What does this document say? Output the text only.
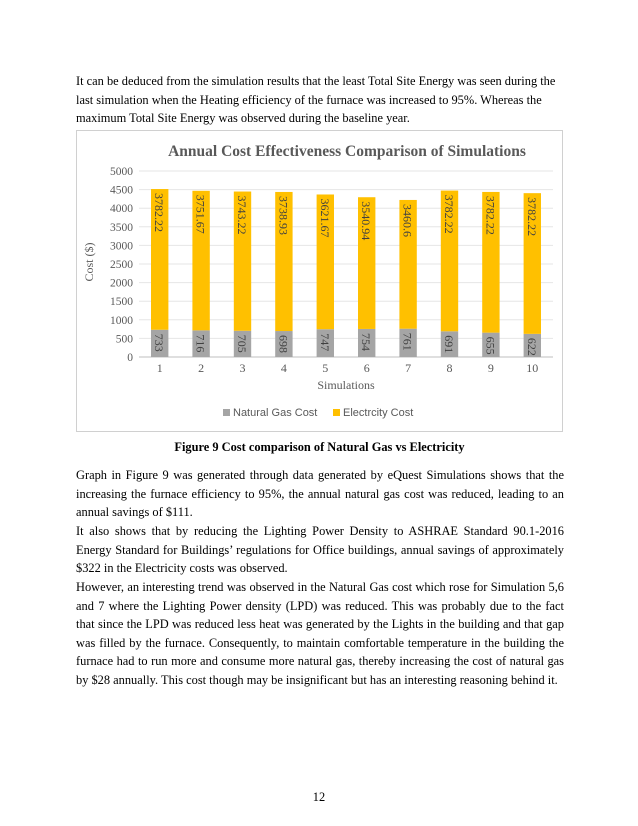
It can be deduced from the simulation results that the least Total Site Energy was seen during the last simulation when the Heating efficiency of the furnace was increased to 95%. Whereas the maximum Total Site Energy was observed during the baseline year.

Annual Cost Effectiveness Comparison of Simulations
733
3782.22
716
3751.67
705
3743.22
698
3738.93
747
3621.67
754
3540.94
761
3460.6
691
3782.22
655
3782.22
622
3782.22
0
500
1000
1500
2000
2500
3000
3500
4000
4500
5000
1	2	3	4	5	6	7	8	9	10
Simulations
Cost ($)
Natural Gas Cost Electrcity Cost

Figure 9 Cost comparison of Natural Gas vs Electricity

Graph in Figure 9 was generated through data generated by eQuest Simulations shows that the increasing the furnace efficiency to 95%, the annual natural gas cost was reduced, leading to an annual savings of $111.

It also shows that by reducing the Lighting Power Density to ASHRAE Standard 90.1-2016 Energy Standard for Buildings’ regulations for Office buildings, annual savings of approximately $322 in the Electricity costs was observed.

However, an interesting trend was observed in the Natural Gas cost which rose for Simulation 5,6 and 7 where the Lighting Power density (LPD) was reduced. This was probably due to the fact that since the LPD was reduced less heat was generated by the Lights in the building and that gap was filled by the furnace. Consequently, to maintain comfortable temperature in the building the furnace had to run more and consume more natural gas, thereby increasing the cost of natural gas by $28 annually. This cost though may be insignificant but has an interesting reasoning behind it.

12
